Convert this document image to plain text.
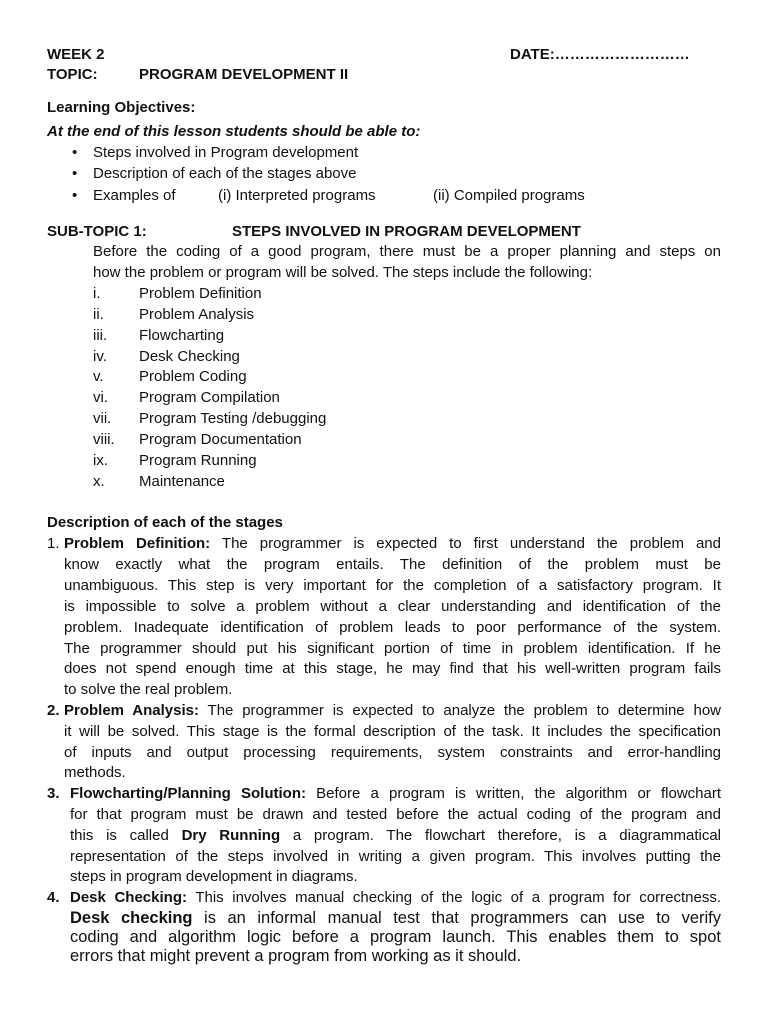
WEEK 2	DATE:………………………
TOPIC:	PROGRAM DEVELOPMENT II
Learning Objectives:
At the end of this lesson students should be able to:
• Steps involved in Program development
• Description of each of the stages above
• Examples of	(i) Interpreted programs	(ii) Compiled programs
SUB-TOPIC 1:	STEPS INVOLVED IN PROGRAM DEVELOPMENT
Before the coding of a good program, there must be a proper planning and steps on
how the problem or program will be solved. The steps include the following:
i.	Problem Definition
ii. Problem Analysis
iii. Flowcharting
iv. Desk Checking
v. Problem Coding
vi. Program Compilation
vii. Program Testing /debugging
viii. Program Documentation
ix. Program Running
x. Maintenance
Description of each of the stages
1. Problem Definition: The programmer is expected to first understand the problem and
know exactly what the program entails. The definition of the problem must be
unambiguous. This step is very important for the completion of a satisfactory program. It
is impossible to solve a problem without a clear understanding and identification of the
problem. Inadequate identification of problem leads to poor performance of the system.
The programmer should put his significant portion of time in problem identification. If he
does not spend enough time at this stage, he may find that his well-written program fails
to solve the real problem.
2. Problem Analysis: The programmer is expected to analyze the problem to determine how
it will be solved. This stage is the formal description of the task. It includes the specification
of inputs and output processing requirements, system constraints and error-handling
methods.
3. Flowcharting/Planning Solution: Before a program is written, the algorithm or flowchart
for that program must be drawn and tested before the actual coding of the program and
this is called Dry Running a program. The flowchart therefore, is a diagrammatical
representation of the steps involved in writing a given program. This involves putting the
steps in program development in diagrams.
4. Desk Checking: This involves manual checking of the logic of a program for correctness.
Desk checking is an informal manual test that programmers can use to verify
coding and algorithm logic before a program launch. This enables them to spot
errors that might prevent a program from working as it should.
